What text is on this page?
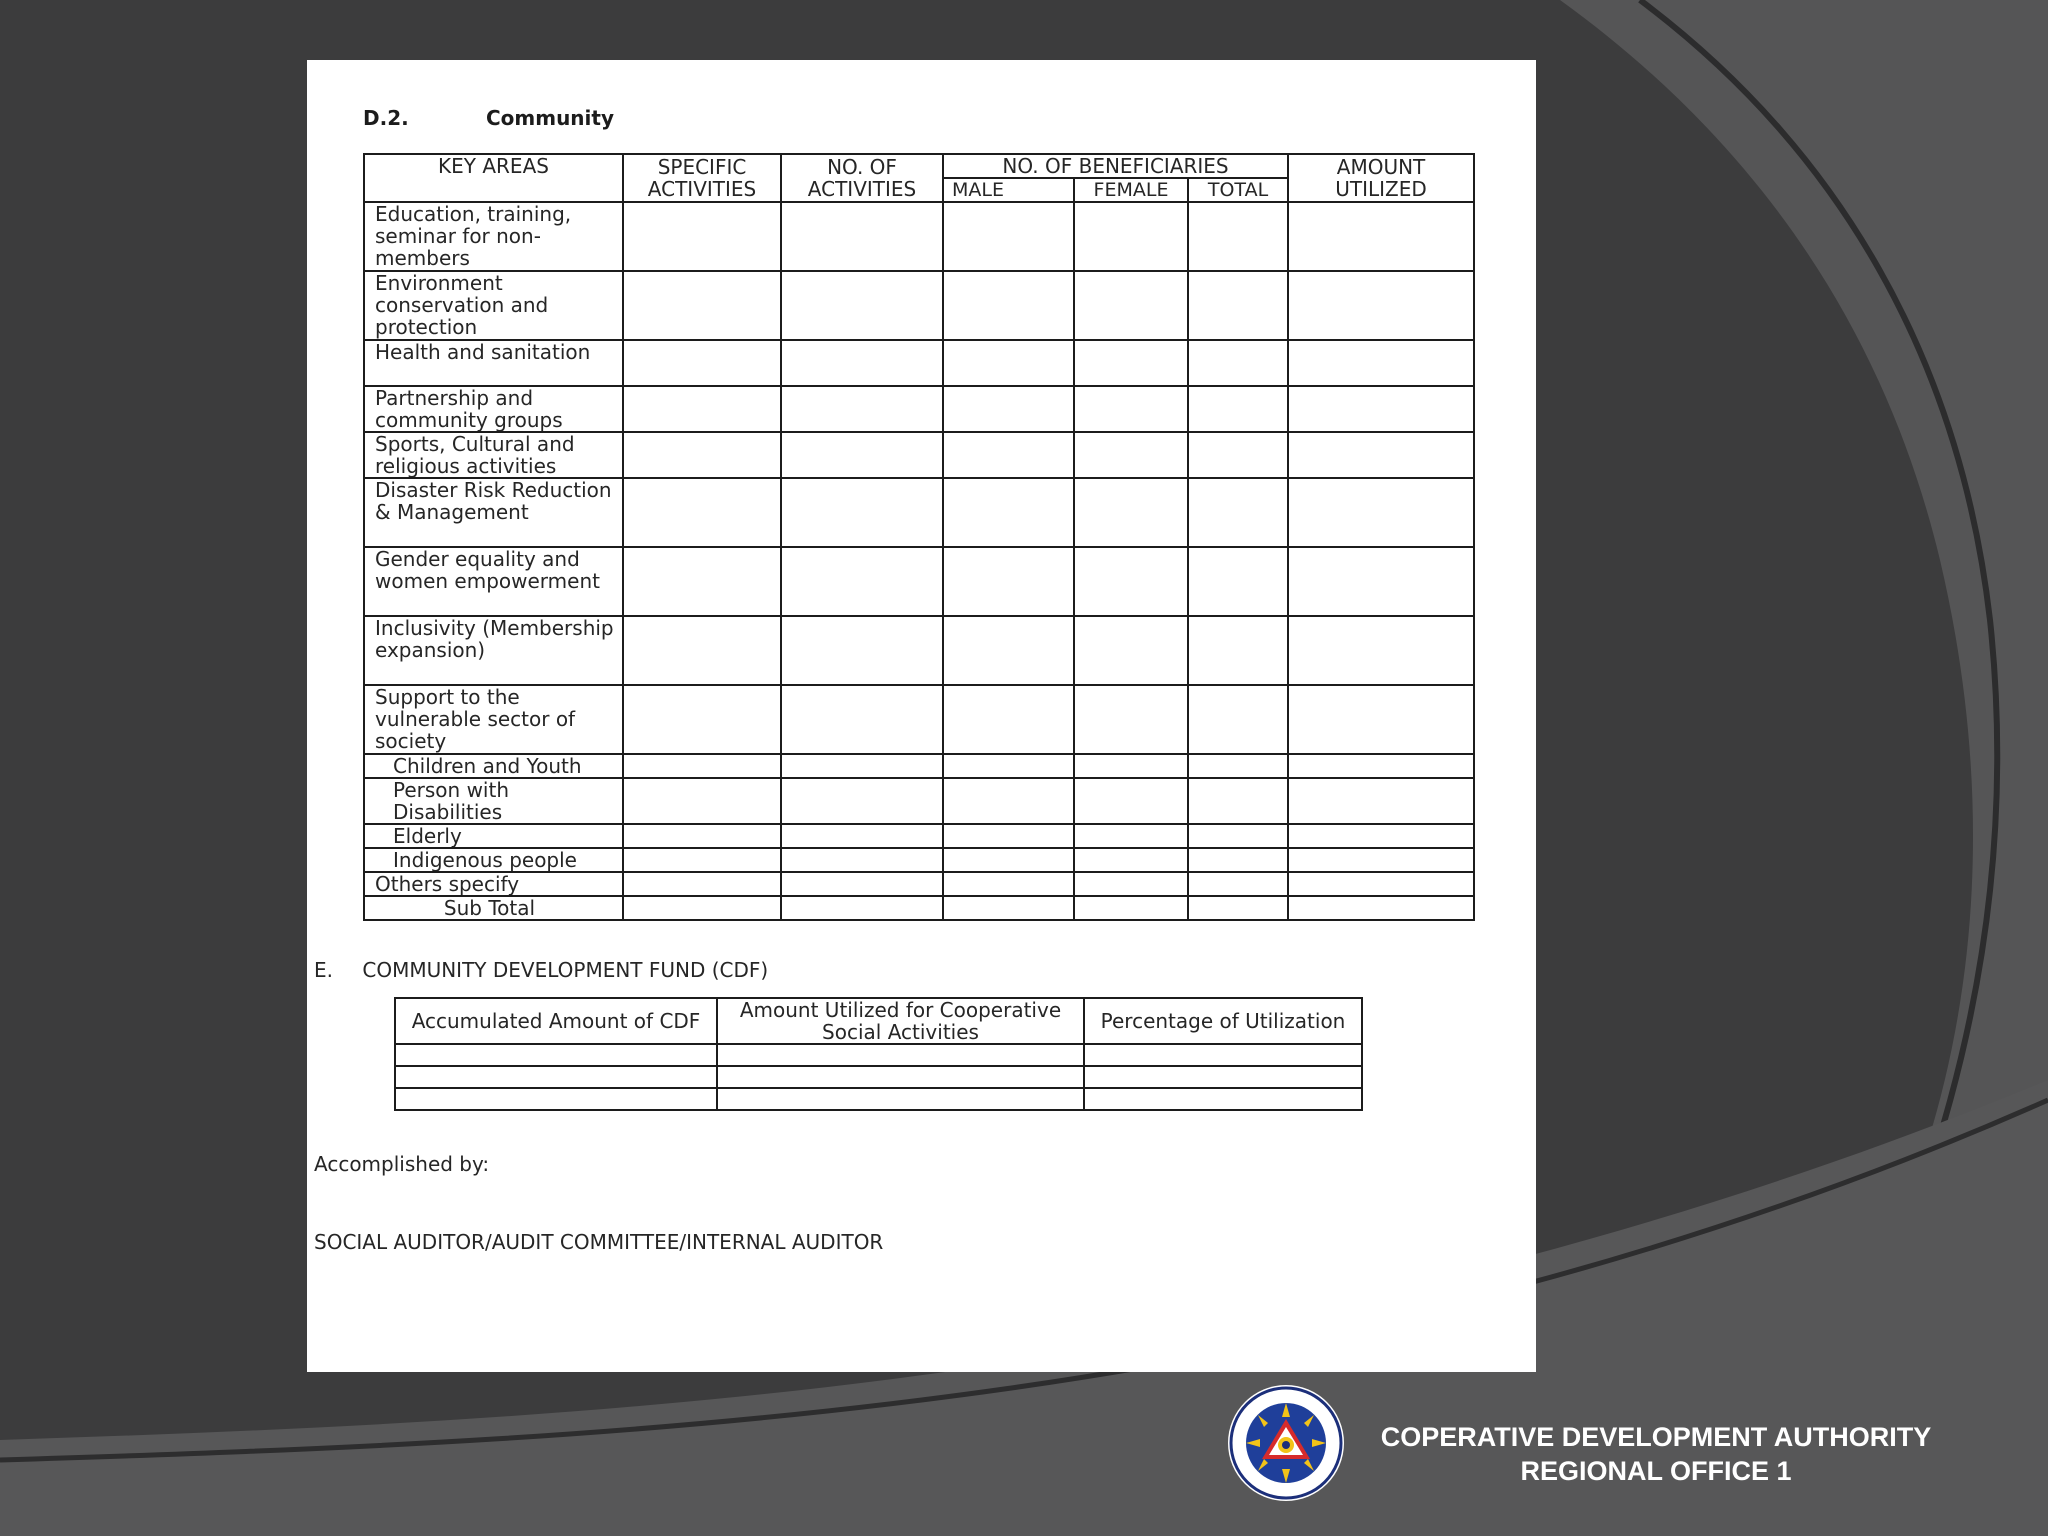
D.2.	Community
KEY AREAS	SPECIFIC ACTIVITIES	NO. OF ACTIVITIES	NO. OF BENEFICIARIES			AMOUNT UTILIZED
			MALE	FEMALE	TOTAL	
Education, training, seminar for non-members						
Environment conservation and protection						
Health and sanitation						
Partnership and community groups						
Sports, Cultural and religious activities						
Disaster Risk Reduction & Management						
Gender equality and women empowerment						
Inclusivity (Membership expansion)						
Support to the vulnerable sector of society						
Children and Youth						
Person with Disabilities						
Elderly						
Indigenous people						
Others specify						
Sub Total						
E. COMMUNITY DEVELOPMENT FUND (CDF)
Accumulated Amount of CDF	Amount Utilized for Cooperative Social Activities	Percentage of Utilization

Accomplished by:
SOCIAL AUDITOR/AUDIT COMMITTEE/INTERNAL AUDITOR
COPERATIVE DEVELOPMENT AUTHORITY
REGIONAL OFFICE 1
